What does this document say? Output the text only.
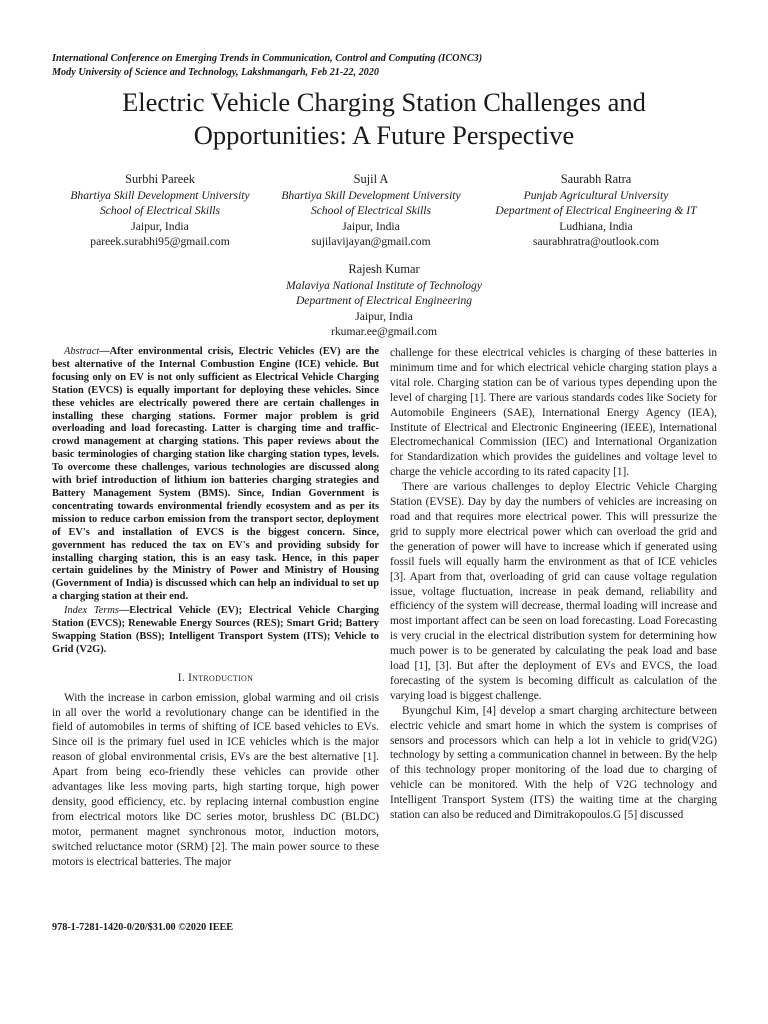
International Conference on Emerging Trends in Communication, Control and Computing (ICONC3)
Mody University of Science and Technology, Lakshmangarh, Feb 21-22, 2020
Electric Vehicle Charging Station Challenges and
Opportunities: A Future Perspective
Surbhi Pareek
Bhartiya Skill Development University
School of Electrical Skills
Jaipur, India
pareek.surabhi95@gmail.com
Sujil A
Bhartiya Skill Development University
School of Electrical Skills
Jaipur, India
sujilavijayan@gmail.com
Saurabh Ratra
Punjab Agricultural University
Department of Electrical Engineering & IT
Ludhiana, India
saurabhratra@outlook.com
Rajesh Kumar
Malaviya National Institute of Technology
Department of Electrical Engineering
Jaipur, India
rkumar.ee@gmail.com
Abstract—After environmental crisis, Electric Vehicles (EV) are the best alternative of the Internal Combustion Engine (ICE) vehicle. But focusing only on EV is not only sufficient as Electrical Vehicle Charging Station (EVCS) is equally important for deploying these vehicles. Since these vehicles are electrically powered there are certain challenges in installing these charging stations. Former major problem is grid overloading and load forecasting. Latter is charging time and traffic-crowd management at charging stations. This paper reviews about the basic terminologies of charging station like charging station types, levels. To overcome these challenges, various technologies are discussed along with brief introduction of lithium ion batteries charging strategies and Battery Management System (BMS). Since, Indian Government is concentrating towards environmental friendly ecosystem and as per its mission to reduce carbon emission from the transport sector, deployment of EV's and installation of EVCS is the biggest concern. Since, government has reduced the tax on EV's and providing subsidy for installing charging station, this is an easy task. Hence, in this paper certain guidelines by the Ministry of Power and Ministry of Housing (Government of India) is discussed which can help an individual to set up a charging station at their end.
Index Terms—Electrical Vehicle (EV); Electrical Vehicle Charging Station (EVCS); Renewable Energy Sources (RES); Smart Grid; Battery Swapping Station (BSS); Intelligent Transport System (ITS); Vehicle to Grid (V2G).
I. Introduction

With the increase in carbon emission, global warming and oil crisis in all over the world a revolutionary change can be identified in the field of automobiles in terms of shifting of ICE based vehicles to EVs. Since oil is the primary fuel used in ICE vehicles which is the major reason of global environmental crisis, EVs are the best alternative [1]. Apart from being eco-friendly these vehicles can provide other advantages like less moving parts, high starting torque, high power density, good efficiency, etc. by replacing internal combustion engine from electrical motors like DC series motor, brushless DC (BLDC) motor, permanent magnet synchronous motor, induction motors, switched reluctance motor (SRM) [2]. The main power source to these motors is electrical batteries. The major

challenge for these electrical vehicles is charging of these batteries in minimum time and for which electrical vehicle charging station plays a vital role. Charging station can be of various types depending upon the level of charging [1]. There are various standards codes like Society for Automobile Engineers (SAE), International Energy Agency (IEA), Institute of Electrical and Electronic Engineering (IEEE), International Electromechanical Commission (IEC) and International Organization for Standardization which provides the guidelines and voltage level to charge the vehicle according to its rated capacity [1].

There are various challenges to deploy Electric Vehicle Charging Station (EVSE). Day by day the numbers of vehicles are increasing on road and that requires more electrical power. This will pressurize the grid to supply more electrical power which can overload the grid and the generation of power will have to increase which if generated using fossil fuels will equally harm the environment as that of ICE vehicles [3]. Apart from that, overloading of grid can cause voltage regulation issue, voltage fluctuation, increase in peak demand, reliability and efficiency of the system will decrease, thermal loading will increase and most important affect can be seen on load forecasting. Load Forecasting is very crucial in the electrical distribution system for determining how much power is to be generated by calculating the peak load and base load [1], [3]. But after the deployment of EVs and EVCS, the load forecasting of the system is becoming difficult as calculation of the varying load is biggest challenge.

Byungchul Kim, [4] develop a smart charging architecture between electric vehicle and smart home in which the system is comprises of sensors and processors which can help a lot in vehicle to grid(V2G) technology by setting a communication channel in between. By the help of this technology proper monitoring of the load due to charging of vehicle can be monitored. With the help of V2G technology and Intelligent Transport System (ITS) the waiting time at the charging station can also be reduced and Dimitrakopoulos.G [5] discussed

978-1-7281-1420-0/20/$31.00 ©2020 IEEE
